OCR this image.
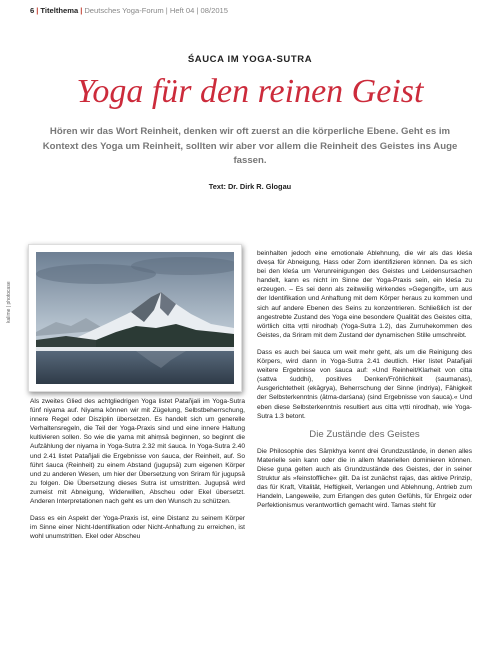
6 | Titelthema | Deutsches Yoga-Forum | Heft 04 | 08/2015
ŚAUCA IM YOGA-SUTRA
Yoga für den reinen Geist
Hören wir das Wort Reinheit, denken wir oft zuerst an die körperliche Ebene. Geht es im Kontext des Yoga um Reinheit, sollten wir aber vor allem die Reinheit des Geistes ins Auge fassen.
Text: Dr. Dirk R. Glogau
kalime | photocase

Als zweites Glied des achtgliedrigen Yoga listet Patañjali im Yoga-Sutra fünf niyama auf. Niyama können wir mit Zügelung, Selbstbeherrschung, innere Regel oder Disziplin übersetzen. Es handelt sich um generelle Verhaltensregeln, die Teil der Yoga-Praxis sind und eine innere Haltung kultivieren sollen. So wie die yama mit ahiṃsā beginnen, so beginnt die Aufzählung der niyama in Yoga-Sutra 2.32 mit śauca. In Yoga-Sutra 2.40 und 2.41 listet Patañjali die Ergebnisse von śauca, der Reinheit, auf. So führt śauca (Reinheit) zu einem Abstand (jugupsā) zum eigenen Körper und zu anderen Wesen, um hier der Übersetzung von Sriram für jugupsā zu folgen. Die Übersetzung dieses Sutra ist umstritten. Jugupsā wird zumeist mit Abneigung, Widerwillen, Abscheu oder Ekel übersetzt. Anderen Interpretationen nach geht es um den Wunsch zu schützen.

Dass es ein Aspekt der Yoga-Praxis ist, eine Distanz zu seinem Körper im Sinne einer Nicht-Identifikation oder Nicht-Anhaftung zu erreichen, ist wohl unumstritten. Ekel oder Abscheu

beinhalten jedoch eine emotionale Ablehnung, die wir als das kleśa dveṣa für Abneigung, Hass oder Zorn identifizieren können. Da es sich bei den kleśa um Verunreinigungen des Geistes und Leidensursachen handelt, kann es nicht im Sinne der Yoga-Praxis sein, ein kleśa zu erzeugen. – Es sei denn als zeitweilig wirkendes »Gegengift«, um aus der Identifikation und Anhaftung mit dem Körper heraus zu kommen und sich auf andere Ebenen des Seins zu konzentrieren. Schließlich ist der angestrebte Zustand des Yoga eine besondere Qualität des Geistes citta, wörtlich citta vṛtti nirodhaḥ (Yoga-Sutra 1.2), das Zurruhekommen des Geistes, da Sriram mit dem Zustand der dynamischen Stille umschreibt.

Dass es auch bei śauca um weit mehr geht, als um die Reinigung des Körpers, wird dann in Yoga-Sutra 2.41 deutlich. Hier listet Patañjali weitere Ergebnisse von śauca auf: »Und Reinheit/Klarheit von citta (sattva śuddhi), positives Denken/Fröhlichkeit (saumanas), Ausgerichtetheit (ekāgrya), Beherrschung der Sinne (indriya), Fähigkeit der Selbsterkenntnis (ātma-darśana) (sind Ergebnisse von śauca).« Und eben diese Selbsterkenntnis resultiert aus citta vṛtti nirodhaḥ, wie Yoga-Sutra 1.3 betont.

Die Zustände des Geistes

Die Philosophie des Sāṃkhya kennt drei Grundzustände, in denen alles Materielle sein kann oder die in allem Materiellen dominieren können. Diese guṇa gelten auch als Grundzustände des Geistes, der in seiner Struktur als »feinstoffliche« gilt. Da ist zunächst rajas, das aktive Prinzip, das für Kraft, Vitalität, Heftigkeit, Verlangen und Ablehnung, Antrieb zum Handeln, Langeweile, zum Erlangen des guten Gefühls, für Ehrgeiz oder Perfektionismus verantwortlich gemacht wird. Tamas steht für
